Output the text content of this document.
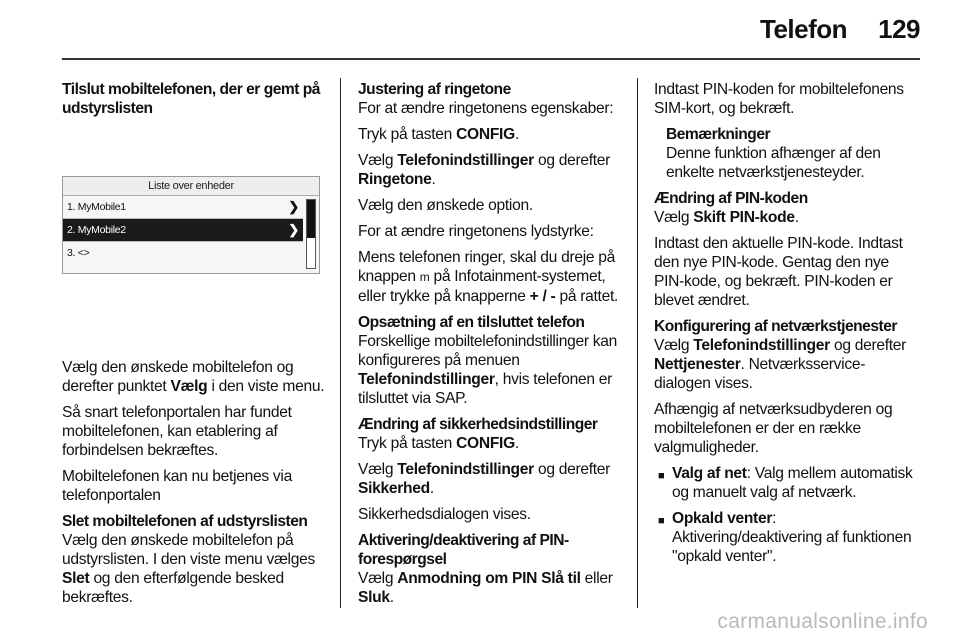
Telefon	129

Tilslut mobiltelefonen, der er gemt på udstyrslisten

Liste over enheder
1. MyMobile1	❯
2. MyMobile2	❯
3. <>

Vælg den ønskede mobiltelefon og derefter punktet Vælg i den viste menu.

Så snart telefonportalen har fundet mobiltelefonen, kan etablering af forbindelsen bekræftes.

Mobiltelefonen kan nu betjenes via telefonportalen

Slet mobiltelefonen af udstyrslisten

Vælg den ønskede mobiltelefon på udstyrslisten. I den viste menu vælges Slet og den efterfølgende besked bekræftes.

Justering af ringetone

For at ændre ringetonens egenskaber:

Tryk på tasten CONFIG.

Vælg Telefonindstillinger og derefter Ringetone.

Vælg den ønskede option.

For at ændre ringetonens lydstyrke:

Mens telefonen ringer, skal du dreje på knappen m på Infotainment-systemet, eller trykke på knapperne + / - på rattet.

Opsætning af en tilsluttet telefon

Forskellige mobiltelefonindstillinger kan konfigureres på menuen Telefonindstillinger, hvis telefonen er tilsluttet via SAP.

Ændring af sikkerhedsindstillinger

Tryk på tasten CONFIG.

Vælg Telefonindstillinger og derefter Sikkerhed.

Sikkerhedsdialogen vises.

Aktivering/deaktivering af PIN-forespørgsel

Vælg Anmodning om PIN Slå til eller Sluk.

Indtast PIN-koden for mobiltelefonens SIM-kort, og bekræft.

Bemærkninger

Denne funktion afhænger af den enkelte netværkstjenesteyder.

Ændring af PIN-koden

Vælg Skift PIN-kode.

Indtast den aktuelle PIN-kode. Indtast den nye PIN-kode. Gentag den nye PIN-kode, og bekræft. PIN-koden er blevet ændret.

Konfigurering af netværkstjenester

Vælg Telefonindstillinger og derefter Nettjenester. Netværksservice-dialogen vises.

Afhængig af netværksudbyderen og mobiltelefonen er der en række valgmuligheder.

■ Valg af net: Valg mellem automatisk og manuelt valg af netværk.
■ Opkald venter: Aktivering/deaktivering af funktionen "opkald venter".
carmanualsonline.info
